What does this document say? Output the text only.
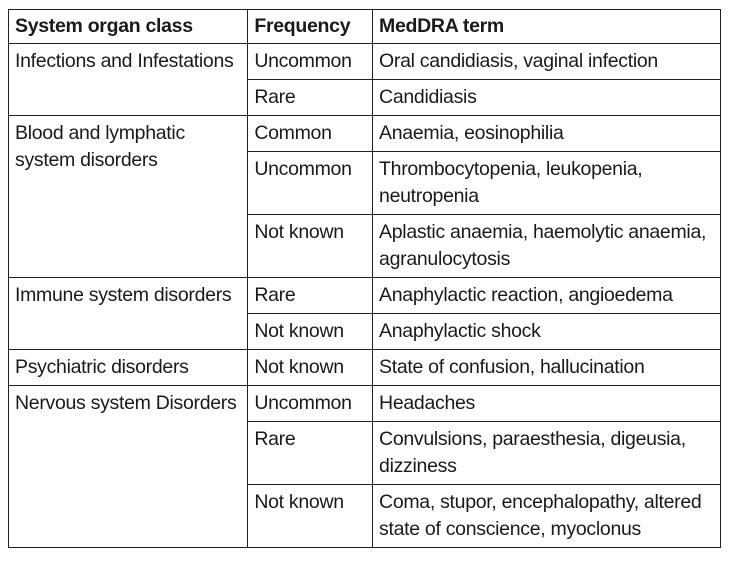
System organ class	Frequency	MedDRA term
Infections and Infestations	Uncommon	Oral candidiasis, vaginal infection
	Rare	Candidiasis
Blood and lymphatic system disorders	Common	Anaemia, eosinophilia
	Uncommon	Thrombocytopenia, leukopenia, neutropenia
	Not known	Aplastic anaemia, haemolytic anaemia, agranulocytosis
Immune system disorders	Rare	Anaphylactic reaction, angioedema
	Not known	Anaphylactic shock
Psychiatric disorders	Not known	State of confusion, hallucination
Nervous system Disorders	Uncommon	Headaches
	Rare	Convulsions, paraesthesia, digeusia, dizziness
	Not known	Coma, stupor, encephalopathy, altered state of conscience, myoclonus
